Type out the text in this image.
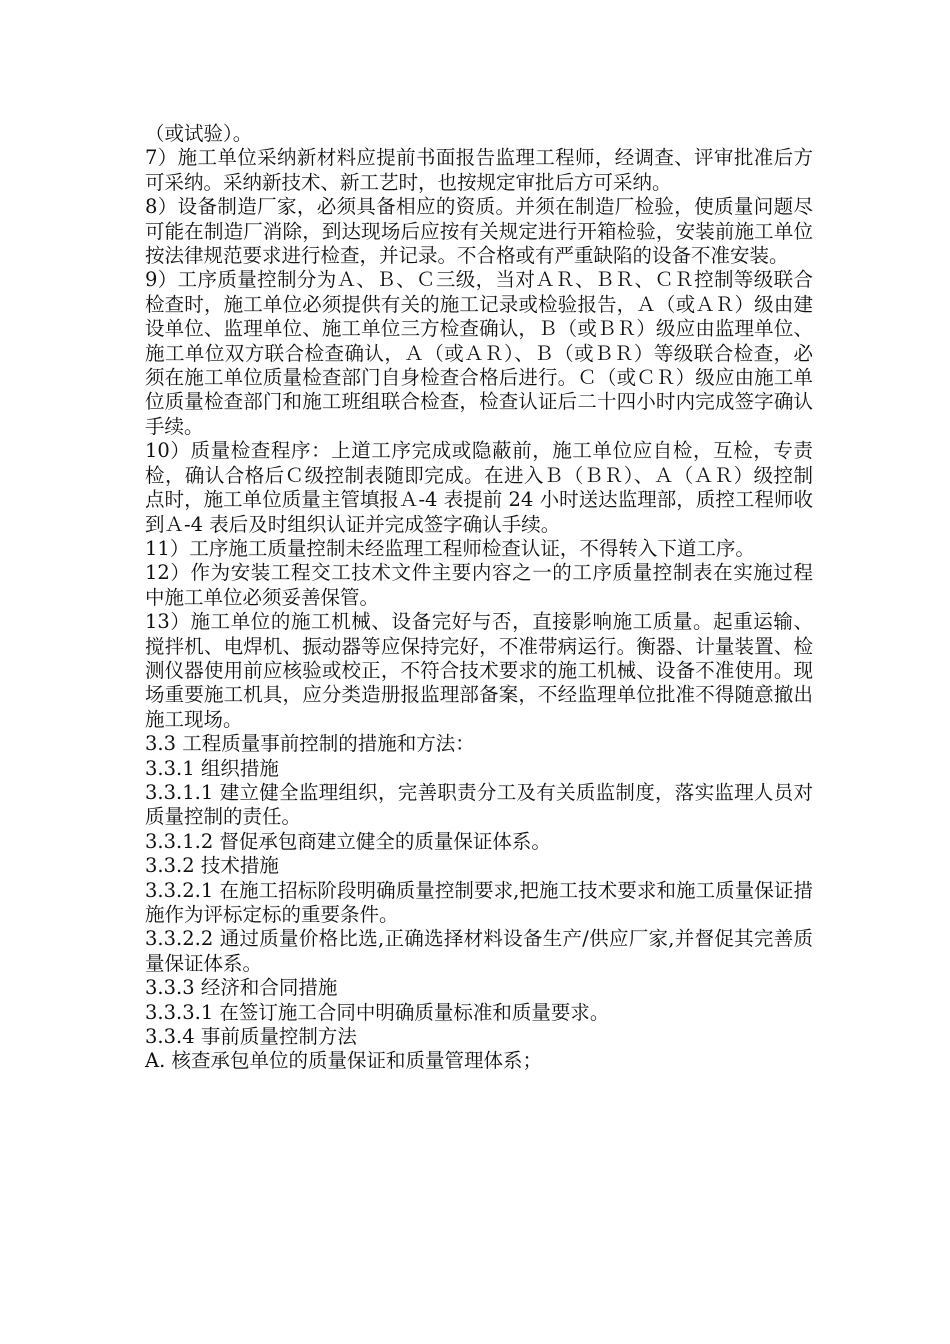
（或试验）。

7）施工单位采纳新材料应提前书面报告监理工程师，经调查、评审批准后方可采纳。采纳新技术、新工艺时，也按规定审批后方可采纳。

8）设备制造厂家，必须具备相应的资质。并须在制造厂检验，使质量问题尽可能在制造厂消除，到达现场后应按有关规定进行开箱检验，安装前施工单位按法律规范要求进行检查，并记录。不合格或有严重缺陷的设备不准安装。

9）工序质量控制分为Ａ、Ｂ、Ｃ三级，当对ＡＲ、ＢＲ、ＣＲ控制等级联合检查时，施工单位必须提供有关的施工记录或检验报告，Ａ（或ＡＲ）级由建设单位、监理单位、施工单位三方检查确认，Ｂ（或ＢＲ）级应由监理单位、施工单位双方联合检查确认，Ａ（或ＡＲ）、Ｂ（或ＢＲ）等级联合检查，必须在施工单位质量检查部门自身检查合格后进行。Ｃ（或ＣＲ）级应由施工单位质量检查部门和施工班组联合检查，检查认证后二十四小时内完成签字确认手续。

10）质量检查程序：上道工序完成或隐蔽前，施工单位应自检，互检，专责检，确认合格后Ｃ级控制表随即完成。在进入Ｂ（ＢＲ）、Ａ（ＡＲ）级控制点时，施工单位质量主管填报Ａ-4 表提前 24 小时送达监理部，质控工程师收到Ａ-4 表后及时组织认证并完成签字确认手续。

11）工序施工质量控制未经监理工程师检查认证，不得转入下道工序。

12）作为安装工程交工技术文件主要内容之一的工序质量控制表在实施过程中施工单位必须妥善保管。

13）施工单位的施工机械、设备完好与否，直接影响施工质量。起重运输、搅拌机、电焊机、振动器等应保持完好，不准带病运行。衡器、计量装置、检测仪器使用前应核验或校正，不符合技术要求的施工机械、设备不准使用。现场重要施工机具，应分类造册报监理部备案，不经监理单位批准不得随意撤出施工现场。

3.3 工程质量事前控制的措施和方法：

3.3.1 组织措施

3.3.1.1 建立健全监理组织，完善职责分工及有关质监制度，落实监理人员对质量控制的责任。

3.3.1.2 督促承包商建立健全的质量保证体系。

3.3.2 技术措施

3.3.2.1 在施工招标阶段明确质量控制要求,把施工技术要求和施工质量保证措施作为评标定标的重要条件。

3.3.2.2 通过质量价格比选,正确选择材料设备生产/供应厂家,并督促其完善质量保证体系。

3.3.3 经济和合同措施

3.3.3.1 在签订施工合同中明确质量标准和质量要求。

3.3.4 事前质量控制方法

A. 核查承包单位的质量保证和质量管理体系；
